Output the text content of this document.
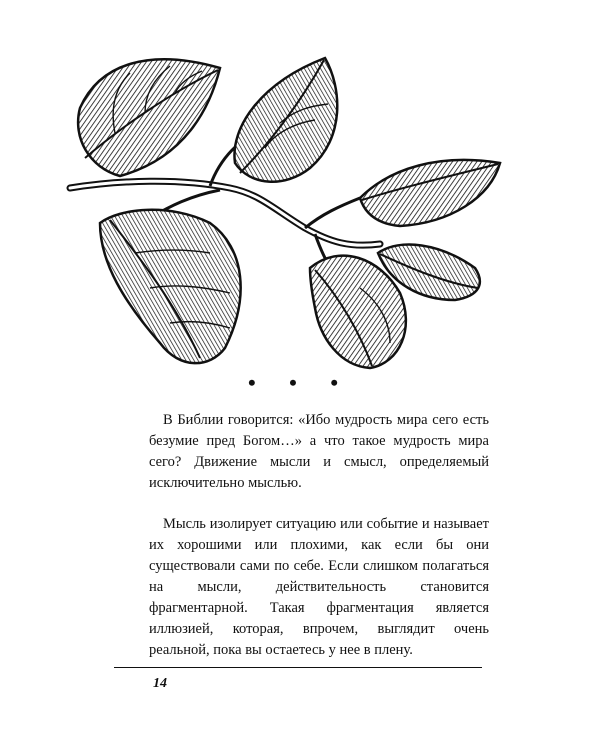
• • •

В Библии говорится: «Ибо мудрость мира сего есть безумие пред Богом…» а что такое мудрость мира сего? Движение мысли и смысл, определяемый исключительно мыслью.

Мысль изолирует ситуацию или событие и называет их хорошими или плохими, как если бы они существовали сами по себе. Если слишком полагаться на мысли, действительность становится фрагментарной. Такая фрагментация является иллюзией, которая, впрочем, выглядит очень реальной, пока вы остаетесь у нее в плену.

14
